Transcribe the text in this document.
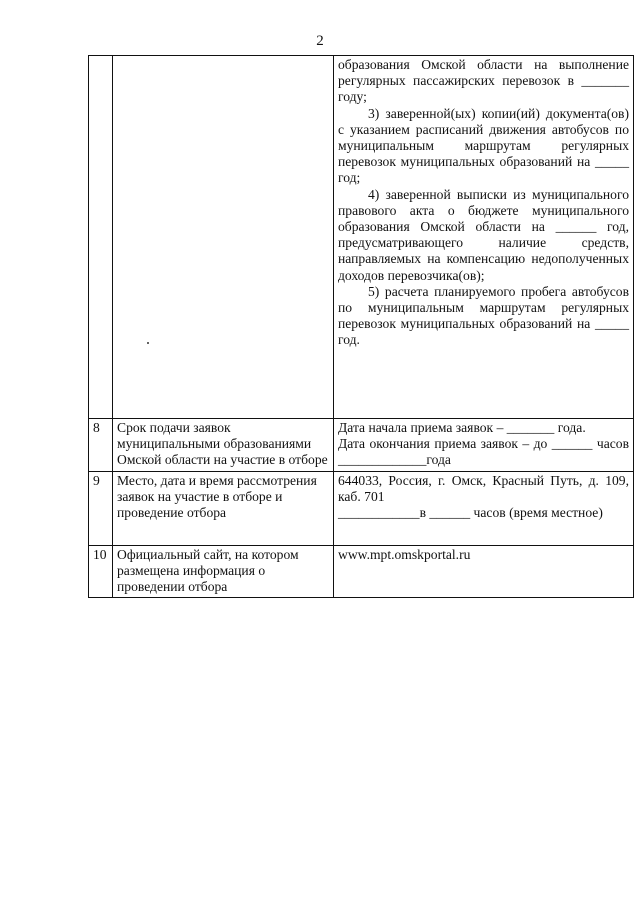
2

		образования Омской области на выполнение регулярных пассажирских перевозок в _______ году;

3) заверенной(ых) копии(ий) документа(ов) с указанием расписаний движения автобусов по муниципальным маршрутам регулярных перевозок муниципальных образований на _____ год;

4) заверенной выписки из муниципального правового акта о бюджете муниципального образования Омской области на ______ год, предусматривающего наличие средств, направляемых на компенсацию недополученных доходов перевозчика(ов);

5) расчета планируемого пробега автобусов по муниципальным маршрутам регулярных перевозок муниципальных образований на _____ год.

8	Срок подачи заявок муниципальными образованиями Омской области на участие в отборе	Дата начала приема заявок – _______ года.

Дата окончания приема заявок – до ______ часов _____________года

9	Место, дата и время рассмотрения заявок на участие в отборе и проведение отбора	644033, Россия, г. Омск, Красный Путь, д. 109, каб. 701

____________в ______ часов (время местное)

10	Официальный сайт, на котором размещена информация о проведении отбора	www.mpt.omskportal.ru
